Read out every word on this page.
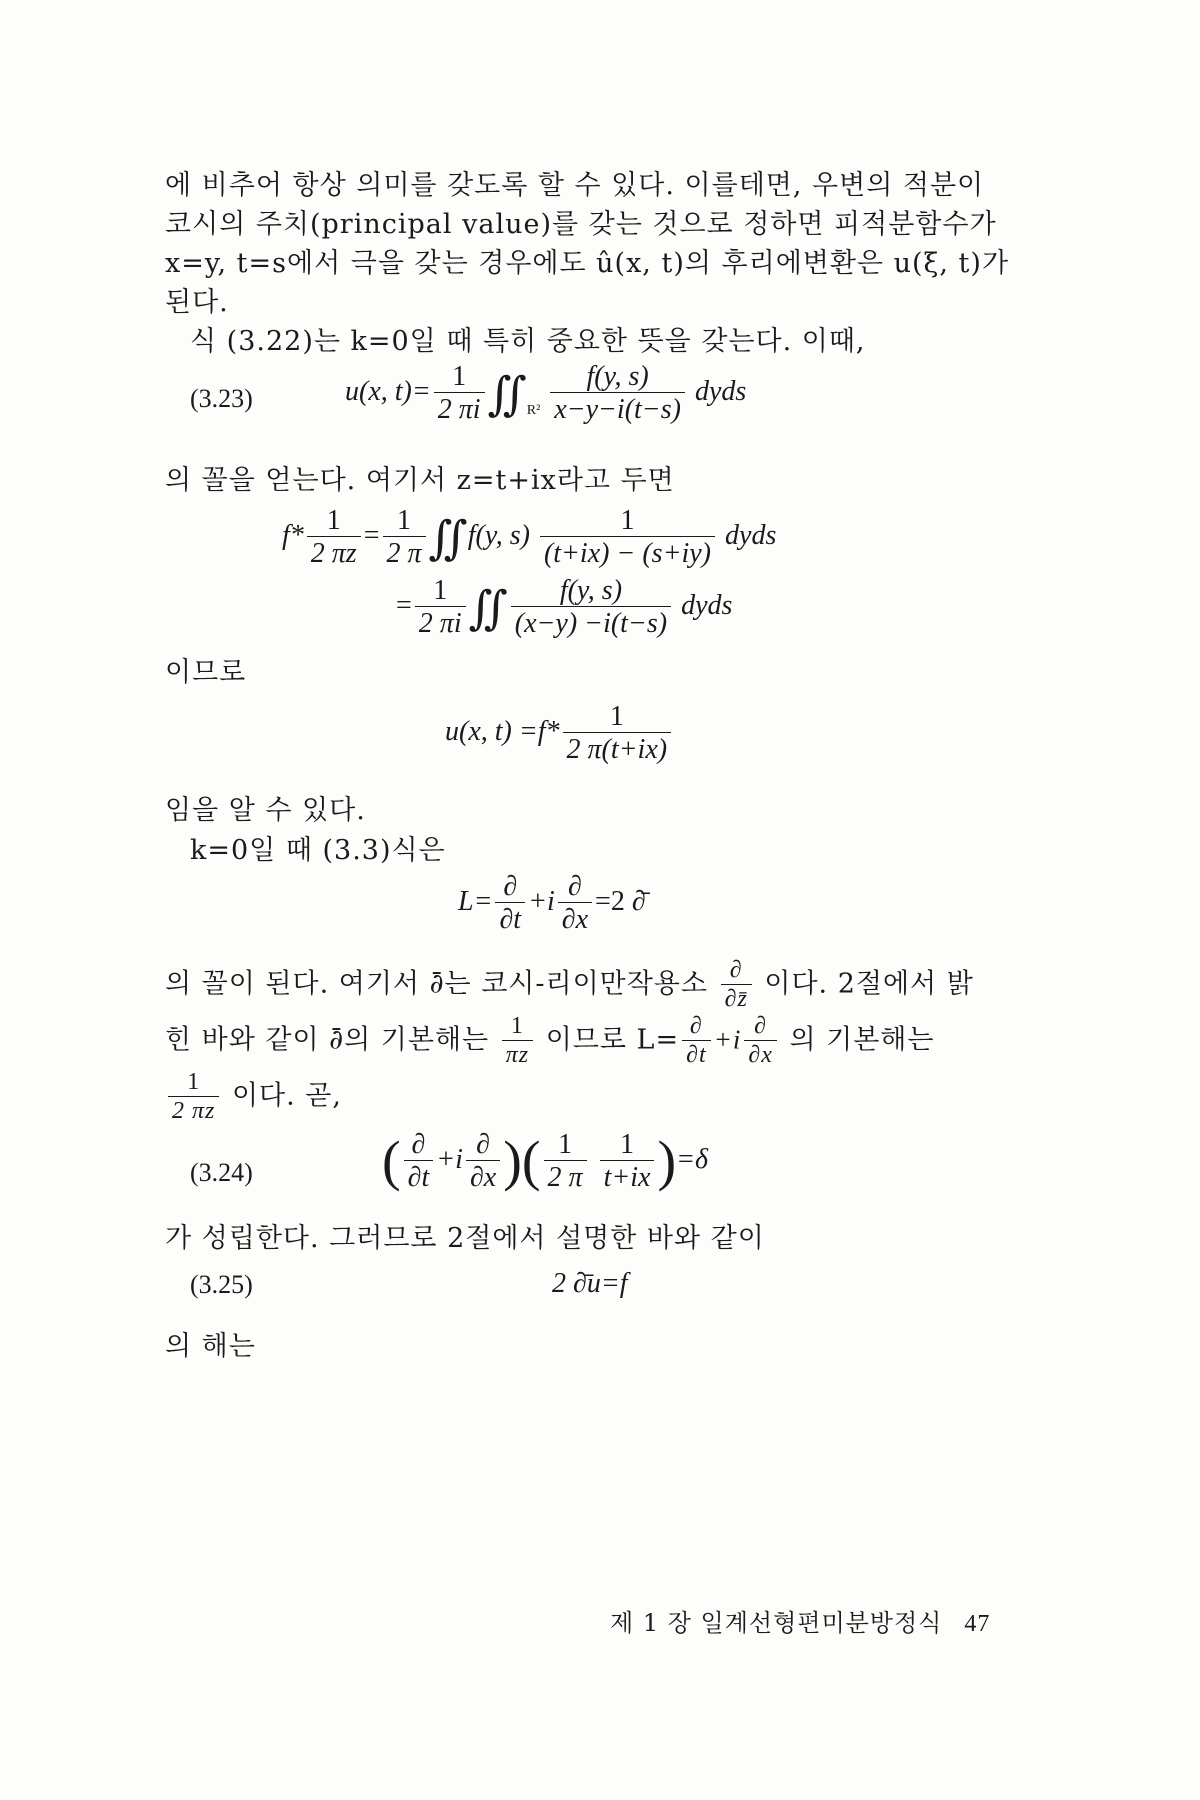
에 비추어 항상 의미를 갖도록 할 수 있다. 이를테면, 우변의 적분이
코시의 주치(principal value)를 갖는 것으로 정하면 피적분함수가
x=y, t=s에서 극을 갖는 경우에도 û(x, t)의 후리에변환은 u(ξ, t)가
된다.
식 (3.22)는 k=0일 때 특히 중요한 뜻을 갖는다. 이때,
(3.23)	u(x, $t)= \frac{1}{2 \pi i}$ $∬_{R^2} \frac{f(y, s)}{x-y-i(t-s)}$ dyds
의 꼴을 얻는다. 여기서 z=t+ix라고 두면
$f* \frac{1}{2 \pi z} = \frac{1}{2 \pi}$ ∬f(y, $s) \frac{1}{(t+ix) - (s+iy)}$ dyds
= $\frac{1}{2 \pi i}$ ∬ $\frac{f(y, s)}{(x-y) -i(t-s)}$ dyds
이므로
u(x, $t) =f* \frac{1}{2 \pi(t+ix)}$
임을 알 수 있다.
k=0일 때 (3.3)식은
$L= \frac{\partial}{\partial t} +i \frac{\partial}{\partial x} =2$ ∂̄
의 꼴이 된다. 여기서 ∂̄는 코시-리이만작용소 $\frac{\partial}{\partial z̄}$ 이다. 2절에서 밝
힌 바와 같이 ∂̄의 기본해는 $\frac{1}{\pi z}$ 이므로 $L= \frac{\partial}{\partial t} +i \frac{\partial}{\partial x}$ 의 기본해는
$\frac{1}{2 \pi z}$ 이다. 곧,
(3.24) ( $\frac{\partial}{\partial t} +i \frac{\partial}{\partial x}$ )( $\frac{1}{2 \pi}$
$\frac{1}{t+ix} )=\delta$
가 성립한다. 그러므로 2절에서 설명한 바와 같이
(3.25)	2 ∂̄u=f
의 해는
제 1 장 일계선형편미분방정식 47
